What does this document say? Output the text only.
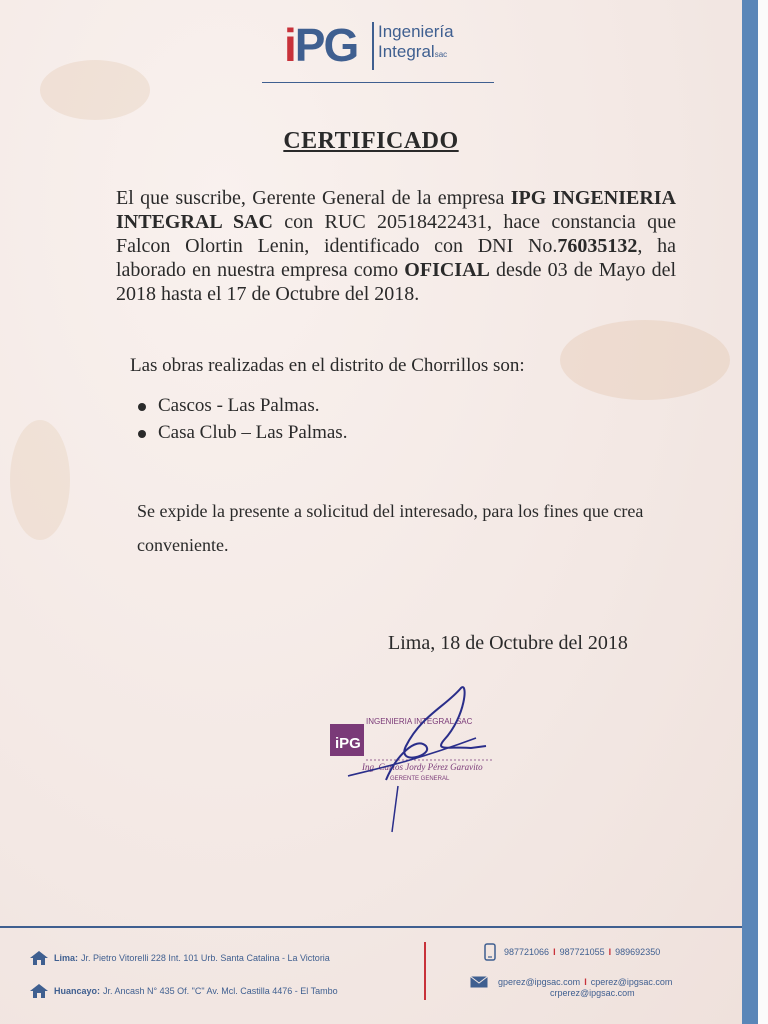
iPG Ingeniería
Integralsac
CERTIFICADO
El que suscribe, Gerente General de la empresa IPG INGENIERIA INTEGRAL SAC con RUC 20518422431, hace constancia que Falcon Olortin Lenin, identificado con DNI No.76035132, ha laborado en nuestra empresa como OFICIAL desde 03 de Mayo del 2018 hasta el 17 de Octubre del 2018.
Las obras realizadas en el distrito de Chorrillos son:
Cascos - Las Palmas.
Casa Club – Las Palmas.
Se expide la presente a solicitud del interesado, para los fines que crea conveniente.
Lima, 18 de Octubre del 2018
iPG
INGENIERIA INTEGRAL SAC
Ing. Carlos Jordy Pérez Garavito
GERENTE GENERAL
Lima: Jr. Pietro Vitorelli 228 Int. 101 Urb. Santa Catalina - La Victoria
Huancayo: Jr. Ancash N° 435 Of. "C" Av. Mcl. Castilla 4476 - El Tambo
987721066 I 987721055 I 989692350
gperez@ipgsac.com I cperez@ipgsac.com
crperez@ipgsac.com
